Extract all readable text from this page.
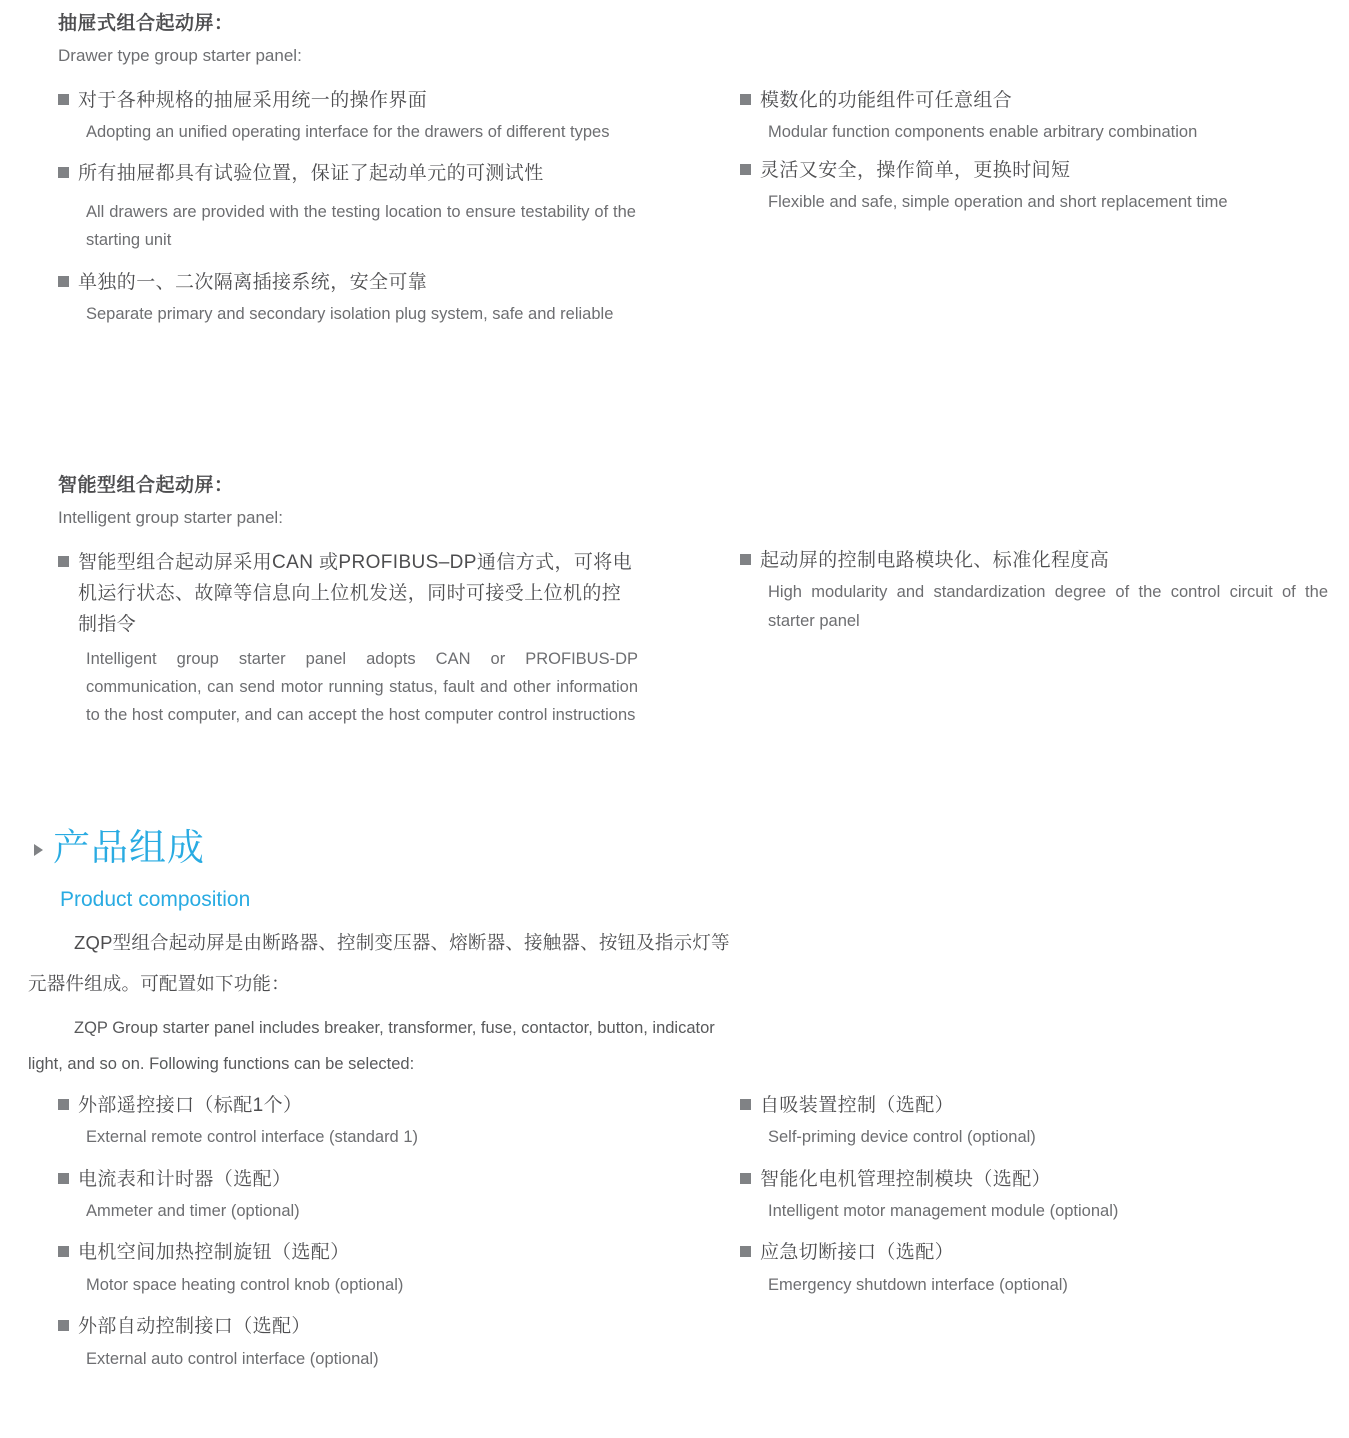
抽屉式组合起动屏：
Drawer type group starter panel:
对于各种规格的抽屉采用统一的操作界面
Adopting an unified operating interface for the drawers of different types
所有抽屉都具有试验位置，保证了起动单元的可测试性
All drawers are provided with the testing location to ensure testability of the starting unit
单独的一、二次隔离插接系统，安全可靠
Separate primary and secondary isolation plug system, safe and reliable
模数化的功能组件可任意组合
Modular function components enable arbitrary combination
灵活又安全，操作简单，更换时间短
Flexible and safe, simple operation and short replacement time
智能型组合起动屏：
Intelligent group starter panel:
智能型组合起动屏采用CAN 或PROFIBUS–DP通信方式，可将电机运行状态、故障等信息向上位机发送，同时可接受上位机的控制指令
Intelligent group starter panel adopts CAN or PROFIBUS-DP communication, can send motor running status, fault and other information to the host computer, and can accept the host computer control instructions
起动屏的控制电路模块化、标准化程度高
High modularity and standardization degree of the control circuit of the starter panel
产品组成
Product composition
ZQP型组合起动屏是由断路器、控制变压器、熔断器、接触器、按钮及指示灯等
元器件组成。可配置如下功能：
ZQP Group starter panel includes breaker, transformer, fuse, contactor, button, indicator
light, and so on. Following functions can be selected:
外部遥控接口（标配1个）
External remote control interface (standard 1)
电流表和计时器（选配）
Ammeter and timer (optional)
电机空间加热控制旋钮（选配）
Motor space heating control knob (optional)
外部自动控制接口（选配）
External auto control interface (optional)
自吸装置控制（选配）
Self-priming device control (optional)
智能化电机管理控制模块（选配）
Intelligent motor management module (optional)
应急切断接口（选配）
Emergency shutdown interface (optional)
